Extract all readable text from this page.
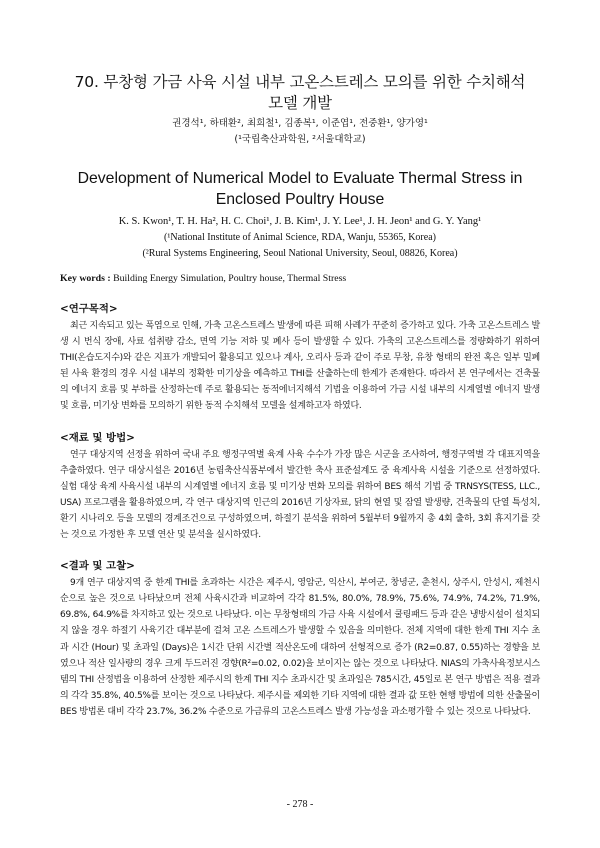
70. 무창형 가금 사육 시설 내부 고온스트레스 모의를 위한 수치해석
모델 개발
권경석¹, 하태환², 최희철¹, 김종복¹, 이준엽¹, 전중환¹, 양가영¹
(¹국립축산과학원, ²서울대학교)
Development of Numerical Model to Evaluate Thermal Stress in
Enclosed Poultry House
K. S. Kwon¹, T. H. Ha², H. C. Choi¹, J. B. Kim¹, J. Y. Lee¹, J. H. Jeon¹ and G. Y. Yang¹
(¹National Institute of Animal Science, RDA, Wanju, 55365, Korea)
(²Rural Systems Engineering, Seoul National University, Seoul, 08826, Korea)
Key words : Building Energy Simulation, Poultry house, Thermal Stress
<연구목적>

최근 지속되고 있는 폭염으로 인해, 가축 고온스트레스 발생에 따른 피해 사례가 꾸준히 증가하고 있다. 가축 고온스트레스 발생 시 번식 장애, 사료 섭취량 감소, 면역 기능 저하 및 폐사 등이 발생할 수 있다. 가축의 고온스트레스를 정량화하기 위하여 THI(온습도지수)와 같은 지표가 개발되어 활용되고 있으나 계사, 오리사 등과 같이 주로 무창, 유창 형태의 완전 혹은 일부 밀폐된 사육 환경의 경우 시설 내부의 정확한 미기상을 예측하고 THI를 산출하는데 한계가 존재한다. 따라서 본 연구에서는 건축물의 에너지 흐름 및 부하를 산정하는데 주로 활용되는 동적에너지해석 기법을 이용하여 가금 시설 내부의 시계열별 에너지 발생 및 흐름, 미기상 변화를 모의하기 위한 동적 수치해석 모델을 설계하고자 하였다.

<재료 및 방법>

연구 대상지역 선정을 위하여 국내 주요 행정구역별 육계 사육 수수가 가장 많은 시군을 조사하여, 행정구역별 각 대표지역을 추출하였다. 연구 대상시설은 2016년 농림축산식품부에서 발간한 축사 표준설계도 중 육계사육 시설을 기준으로 선정하였다. 실험 대상 육계 사육시설 내부의 시계열별 에너지 흐름 및 미기상 변화 모의를 위하여 BES 해석 기법 중 TRNSYS(TESS, LLC., USA) 프로그램을 활용하였으며, 각 연구 대상지역 인근의 2016년 기상자료, 닭의 현열 및 잠열 발생량, 건축물의 단열 특성치, 환기 시나리오 등을 모델의 경계조건으로 구성하였으며, 하절기 분석을 위하여 5월부터 9월까지 총 4회 출하, 3회 휴지기를 갖는 것으로 가정한 후 모델 연산 및 분석을 실시하였다.

<결과 및 고찰>

9개 연구 대상지역 중 한계 THI를 초과하는 시간은 제주시, 영암군, 익산시, 부여군, 창녕군, 춘천시, 상주시, 안성시, 제천시 순으로 높은 것으로 나타났으며 전체 사육시간과 비교하여 각각 81.5%, 80.0%, 78.9%, 75.6%, 74.9%, 74.2%, 71.9%, 69.8%, 64.9%를 차지하고 있는 것으로 나타났다. 이는 무창형태의 가금 사육 시설에서 쿨링패드 등과 같은 냉방시설이 설치되지 않을 경우 하절기 사육기간 대부분에 걸쳐 고온 스트레스가 발생할 수 있음을 의미한다. 전체 지역에 대한 한계 THI 지수 초과 시간 (Hour) 및 초과일 (Days)은 1시간 단위 시간별 적산온도에 대하여 선형적으로 증가 (R2=0.87, 0.55)하는 경향을 보였으나 적산 일사량의 경우 크게 두드러진 경향(R²=0.02, 0.02)을 보이지는 않는 것으로 나타났다. NIAS의 가축사육정보시스템의 THI 산정법을 이용하여 산정한 제주시의 한계 THI 지수 초과시간 및 초과일은 785시간, 45일로 본 연구 방법은 적용 결과의 각각 35.8%, 40.5%를 보이는 것으로 나타났다. 제주시를 제외한 기타 지역에 대한 결과 값 또한 현행 방법에 의한 산출물이 BES 방법론 대비 각각 23.7%, 36.2% 수준으로 가금류의 고온스트레스 발생 가능성을 과소평가할 수 있는 것으로 나타났다.

- 278 -
